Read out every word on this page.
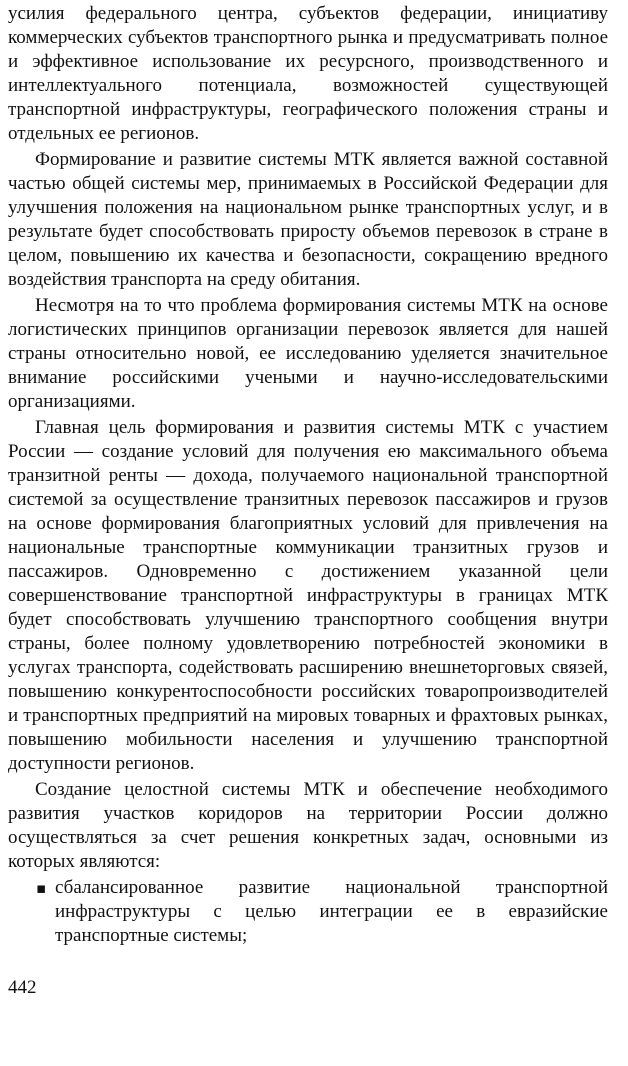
усилия федерального центра, субъектов федерации, инициативу коммерческих субъектов транспортного рынка и предусматривать полное и эффективное использование их ресурсного, производственного и интеллектуального потенциала, возможностей существующей транспортной инфраструктуры, географического положения страны и отдельных ее регионов.

Формирование и развитие системы МТК является важной составной частью общей системы мер, принимаемых в Российской Федерации для улучшения положения на национальном рынке транспортных услуг, и в результате будет способствовать приросту объемов перевозок в стране в целом, повышению их качества и безопасности, сокращению вредного воздействия транспорта на среду обитания.

Несмотря на то что проблема формирования системы МТК на основе логистических принципов организации перевозок является для нашей страны относительно новой, ее исследованию уделяется значительное внимание российскими учеными и научно-исследовательскими организациями.

Главная цель формирования и развития системы МТК с участием России — создание условий для получения ею максимального объема транзитной ренты — дохода, получаемого национальной транспортной системой за осуществление транзитных перевозок пассажиров и грузов на основе формирования благоприятных условий для привлечения на национальные транспортные коммуникации транзитных грузов и пассажиров. Одновременно с достижением указанной цели совершенствование транспортной инфраструктуры в границах МТК будет способствовать улучшению транспортного сообщения внутри страны, более полному удовлетворению потребностей экономики в услугах транспорта, содействовать расширению внешнеторговых связей, повышению конкурентоспособности российских товаропроизводителей и транспортных предприятий на мировых товарных и фрахтовых рынках, повышению мобильности населения и улучшению транспортной доступности регионов.

Создание целостной системы МТК и обеспечение необходимого развития участков коридоров на территории России должно осуществляться за счет решения конкретных задач, основными из которых являются:

▪ сбалансированное развитие национальной транспортной инфраструктуры с целью интеграции ее в евразийские транспортные системы;
442
